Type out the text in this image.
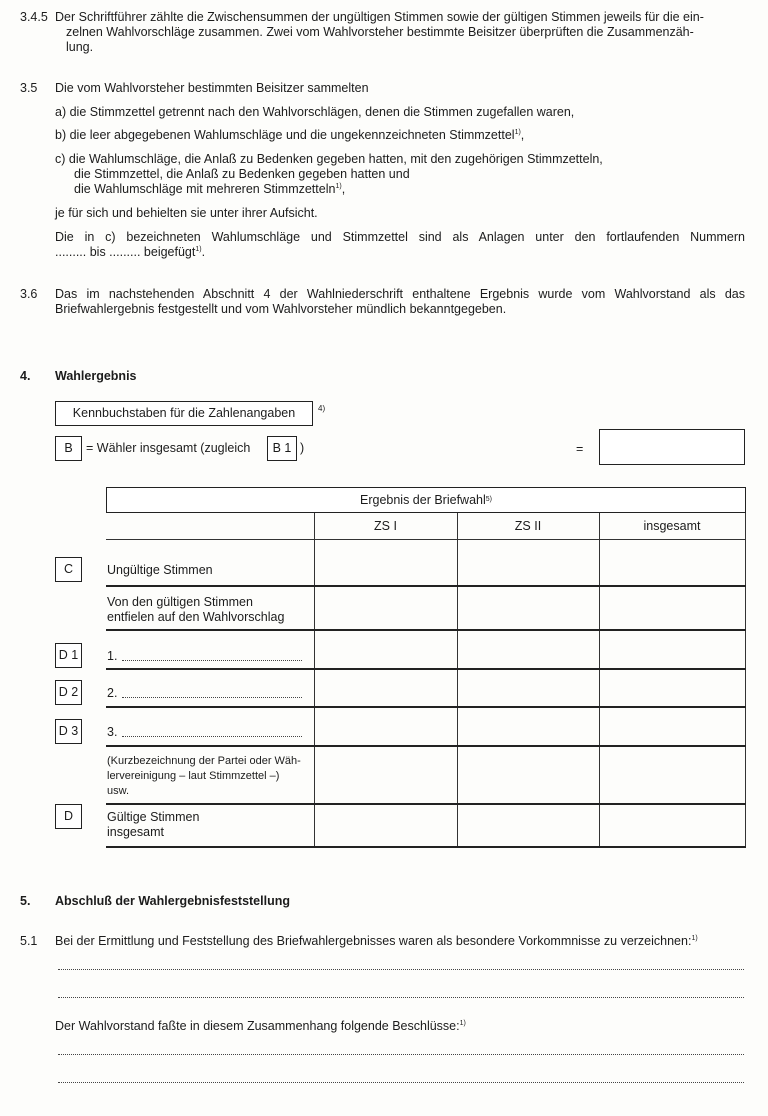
3.4.5 Der Schriftführer zählte die Zwischensummen der ungültigen Stimmen sowie der gültigen Stimmen jeweils für die ein-
zelnen Wahlvorschläge zusammen. Zwei vom Wahlvorsteher bestimmte Beisitzer überprüften die Zusammenzäh-
lung.
3.5 Die vom Wahlvorsteher bestimmten Beisitzer sammelten
a) die Stimmzettel getrennt nach den Wahlvorschlägen, denen die Stimmen zugefallen waren,
b) die leer abgegebenen Wahlumschläge und die ungekennzeichneten Stimmzettel$^{1)}$,
c) die Wahlumschläge, die Anlaß zu Bedenken gegeben hatten, mit den zugehörigen Stimmzetteln,
die Stimmzettel, die Anlaß zu Bedenken gegeben hatten und
die Wahlumschläge mit mehreren Stimmzetteln$^{1)}$,
je für sich und behielten sie unter ihrer Aufsicht.
Die in c) bezeichneten Wahlumschläge und Stimmzettel sind als Anlagen unter den fortlaufenden Nummern
......... bis ......... beigefügt$^{1)}$.
3.6 Das im nachstehenden Abschnitt 4 der Wahlniederschrift enthaltene Ergebnis wurde vom Wahlvorstand als das
Briefwahlergebnis festgestellt und vom Wahlvorsteher mündlich bekanntgegeben.
4. Wahlergebnis
Kennbuchstaben für die Zahlenangaben	4)
B = Wähler insgesamt (zugleich B 1 )	=
Ergebnis der Briefwahl 5)
ZS I	ZS II	insgesamt
C	Ungültige Stimmen
Von den gültigen Stimmen
entfielen auf den Wahlvorschlag
D 1 1.
D 2 2.
D 3 3.
(Kurzbezeichnung der Partei oder Wäh-
lervereinigung – laut Stimmzettel –)
usw.
D	Gültige Stimmen
insgesamt
5. Abschluß der Wahlergebnisfeststellung
5.1 Bei der Ermittlung und Feststellung des Briefwahlergebnisses waren als besondere Vorkommnisse zu verzeichnen:$^{1)}$
Der Wahlvorstand faßte in diesem Zusammenhang folgende Beschlüsse:$^{1)}$
